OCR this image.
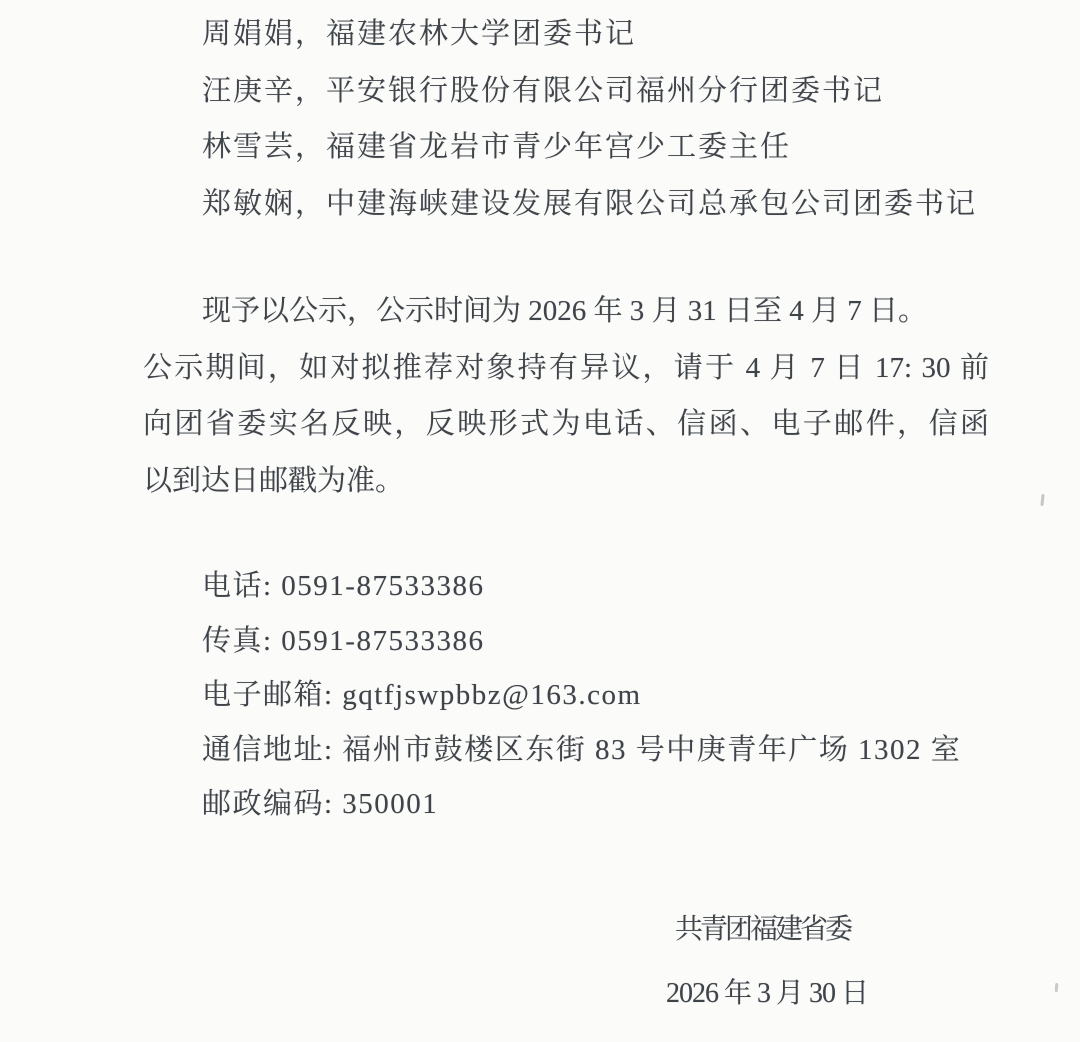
周娟娟，福建农林大学团委书记
汪庚辛，平安银行股份有限公司福州分行团委书记
林雪芸，福建省龙岩市青少年宫少工委主任
郑敏娴，中建海峡建设发展有限公司总承包公司团委书记
现予以公示，公示时间为 2026 年 3 月 31 日至 4 月 7 日。
公示期间，如对拟推荐对象持有异议，请于 4 月 7 日 17: 30 前
向团省委实名反映，反映形式为电话、信函、电子邮件，信函
以到达日邮戳为准。
电话: 0591-87533386
传真: 0591-87533386
电子邮箱: gqtfjswpbbz@163.com
通信地址: 福州市鼓楼区东街 83 号中庚青年广场 1302 室
邮政编码: 350001
共青团福建省委
2026 年 3 月 30 日
